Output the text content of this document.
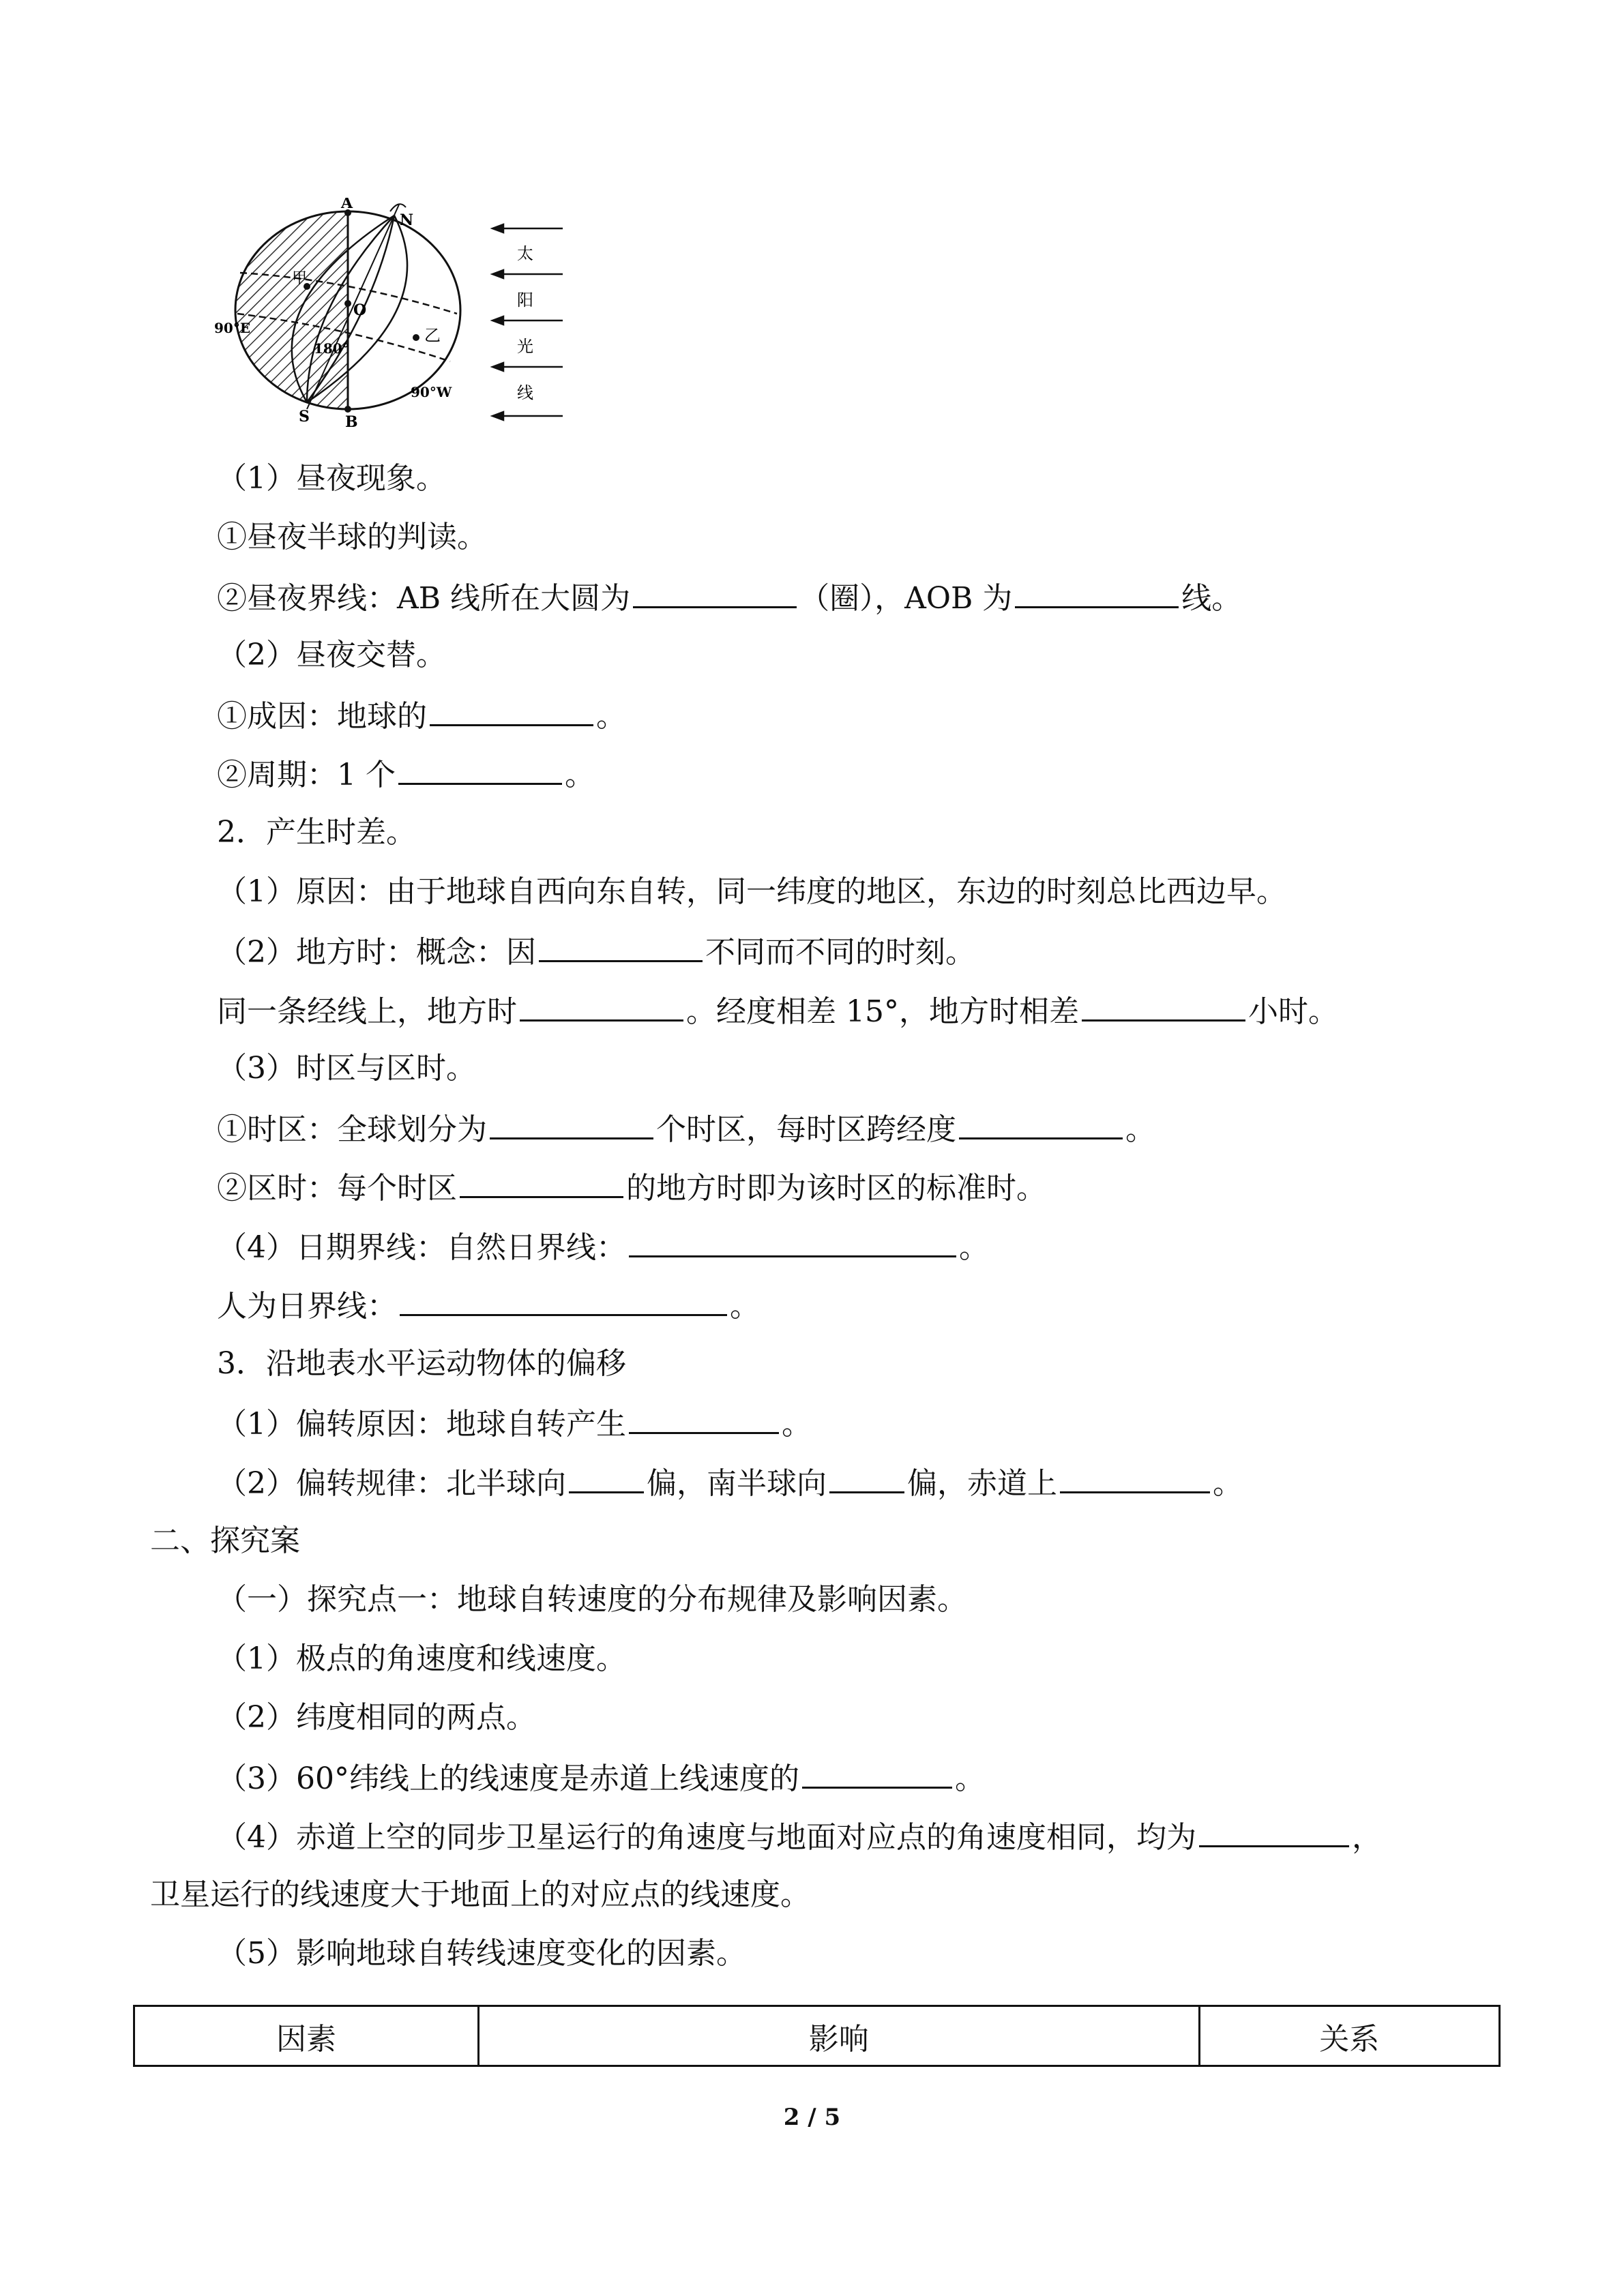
A
N
甲
O
90°E
180°
乙
90°W
S B
太
阳
光
线
（1）昼夜现象。
①昼夜半球的判读。
②昼夜界线：AB 线所在大圆为	（圈），AOB 为	线。
（2）昼夜交替。
①成因：地球的	。
②周期：1 个	。
2．产生时差。
（1）原因：由于地球自西向东自转，同一纬度的地区，东边的时刻总比西边早。
（2）地方时：概念：因	不同而不同的时刻。
同一条经线上，地方时	。经度相差 15°，地方时相差	小时。
（3）时区与区时。
①时区：全球划分为	个时区，每时区跨经度	。
②区时：每个时区	的地方时即为该时区的标准时。
（4）日期界线：自然日界线：	。
人为日界线：	。
3．沿地表水平运动物体的偏移
（1）偏转原因：地球自转产生	。
（2）偏转规律：北半球向	偏，南半球向	偏，赤道上	。
二、探究案
（一）探究点一：地球自转速度的分布规律及影响因素。
（1）极点的角速度和线速度。
（2）纬度相同的两点。
（3）60°纬线上的线速度是赤道上线速度的	。
（4）赤道上空的同步卫星运行的角速度与地面对应点的角速度相同，均为	，
卫星运行的线速度大于地面上的对应点的线速度。
（5）影响地球自转线速度变化的因素。
因素	影响	关系
2 / 5
